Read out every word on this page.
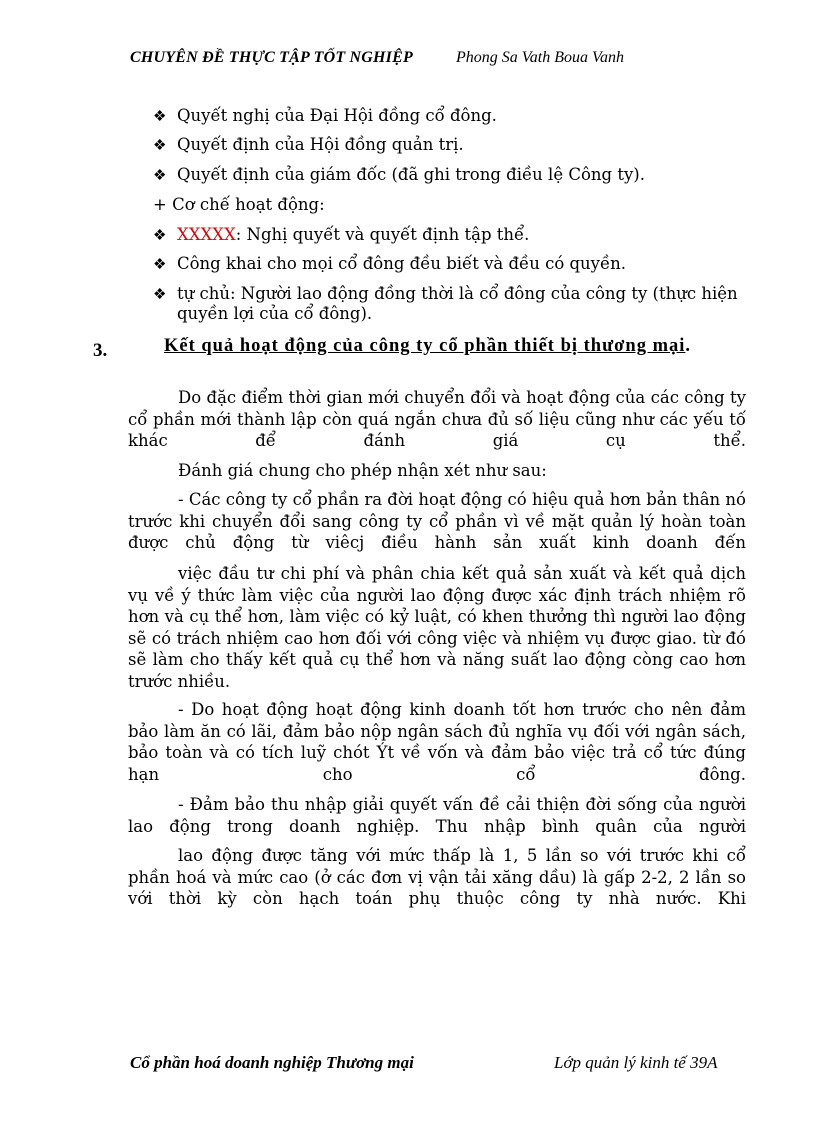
CHUYÊN ĐỀ THỰC TẬP TỐT NGHIỆP	Phong Sa Vath Boua Vanh
❖ Quyết nghị của Đại Hội đồng cổ đông.
❖ Quyết định của Hội đồng quản trị.
❖ Quyết định của giám đốc (đã ghi trong điều lệ Công ty).
+ Cơ chế hoạt động:
❖ XXXXX: Nghị quyết và quyết định tập thể.
❖ Công khai cho mọi cổ đông đều biết và đều có quyền.
❖ tự chủ: Người lao động đồng thời là cổ đông của công ty (thực hiện quyền lợi của cổ đông).
3.	Kết quả hoạt động của công ty cổ phần thiết bị thương mại.
Do đặc điểm thời gian mới chuyển đổi và hoạt động của các công ty cổ phần mới thành lập còn quá ngắn chưa đủ số liệu cũng như các yếu tố khác để đánh giá cụ thể.
Đánh giá chung cho phép nhận xét như sau:
- Các công ty cổ phần ra đời hoạt động có hiệu quả hơn bản thân nó trước khi chuyển đổi sang công ty cổ phần vì về mặt quản lý hoàn toàn được chủ động từ viêcj điều hành sản xuất kinh doanh đến
việc đầu tư chi phí và phân chia kết quả sản xuất và kết quả dịch vụ về ý thức làm việc của người lao động được xác định trách nhiệm rõ hơn và cụ thể hơn, làm việc có kỷ luật, có khen thưởng thì người lao động sẽ có trách nhiệm cao hơn đối với công việc và nhiệm vụ được giao. từ đó sẽ làm cho thấy kết quả cụ thể hơn và năng suất lao động còng cao hơn trước nhiều.
- Do hoạt động hoạt động kinh doanh tốt hơn trước cho nên đảm bảo làm ăn có lãi, đảm bảo nộp ngân sách đủ nghĩa vụ đối với ngân sách, bảo toàn và có tích luỹ chót Ýt về vốn và đảm bảo việc trả cổ tức đúng hạn cho cổ đông.
- Đảm bảo thu nhập giải quyết vấn đề cải thiện đời sống của người lao động trong doanh nghiệp. Thu nhập bình quân của người
lao động được tăng với mức thấp là 1, 5 lần so với trước khi cổ phần hoá và mức cao (ở các đơn vị vận tải xăng dầu) là gấp 2-2, 2 lần so với thời kỳ còn hạch toán phụ thuộc công ty nhà nước. Khi
Cổ phần hoá doanh nghiệp Thương mại	Lớp quản lý kinh tế 39A
